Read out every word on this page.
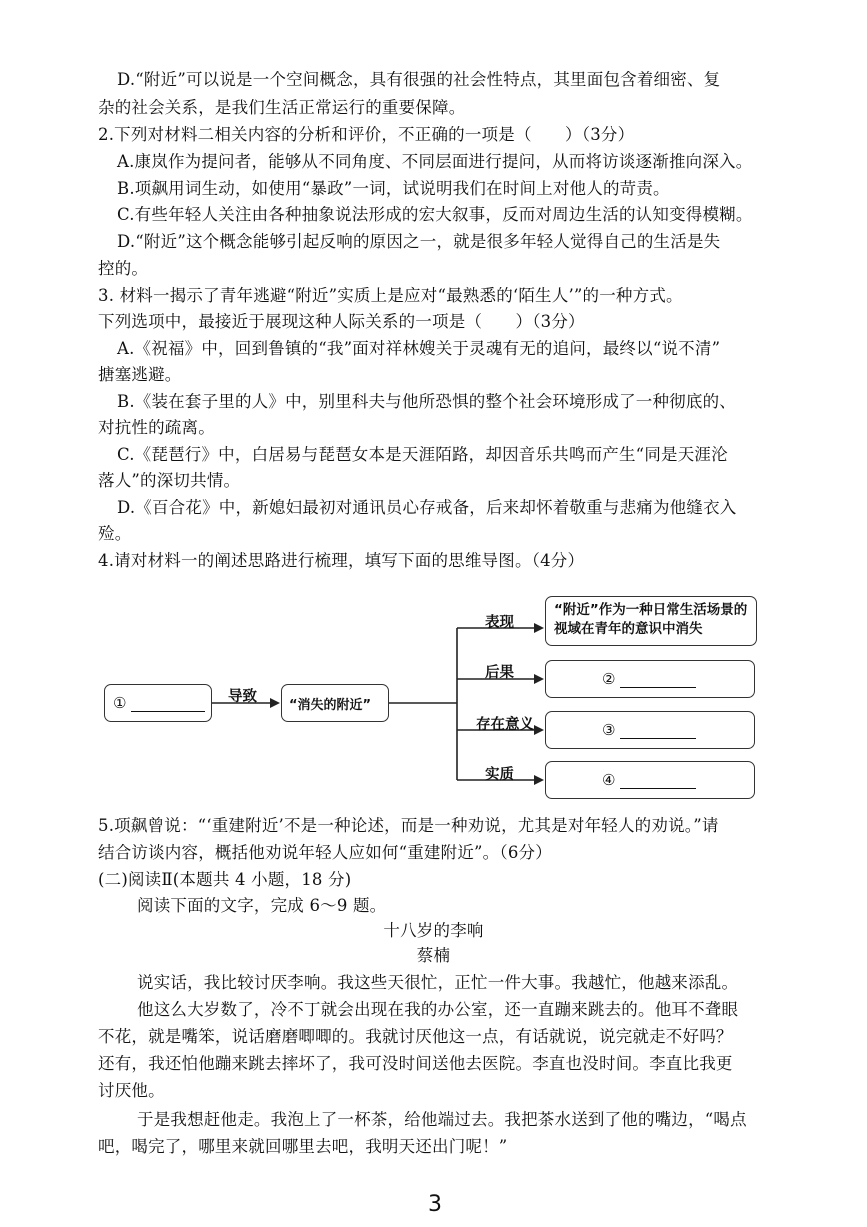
D.“附近”可以说是一个空间概念，具有很强的社会性特点，其里面包含着细密、复
杂的社会关系，是我们生活正常运行的重要保障。
2.下列对材料二相关内容的分析和评价，不正确的一项是（　　）（3分）
A.康岚作为提问者，能够从不同角度、不同层面进行提问，从而将访谈逐渐推向深入。
B.项飙用词生动，如使用“暴政”一词，试说明我们在时间上对他人的苛责。
C.有些年轻人关注由各种抽象说法形成的宏大叙事，反而对周边生活的认知变得模糊。
D.“附近”这个概念能够引起反响的原因之一，就是很多年轻人觉得自己的生活是失
控的。
3. 材料一揭示了青年逃避“附近”实质上是应对“最熟悉的‘陌生人’”的一种方式。
下列选项中，最接近于展现这种人际关系的一项是（　　）（3分）
A.《祝福》中，回到鲁镇的“我”面对祥林嫂关于灵魂有无的追问，最终以“说不清”
搪塞逃避。
B.《装在套子里的人》中，别里科夫与他所恐惧的整个社会环境形成了一种彻底的、
对抗性的疏离。
C.《琵琶行》中，白居易与琵琶女本是天涯陌路，却因音乐共鸣而产生“同是天涯沦
落人”的深切共情。
D.《百合花》中，新媳妇最初对通讯员心存戒备，后来却怀着敬重与悲痛为他缝衣入
殓。
4.请对材料一的阐述思路进行梳理，填写下面的思维导图。（4分）
①	导致
“消失的附近”
表现
后果
存在意义
实质
“附近”作为一种日常生活场景的视域在青年的意识中消失
②
③
④
5.项飙曾说：“‘重建附近’不是一种论述，而是一种劝说，尤其是对年轻人的劝说。”请
结合访谈内容，概括他劝说年轻人应如何“重建附近”。（6分）
(二)阅读Ⅱ(本题共 4 小题，18 分)
阅读下面的文字，完成 6～9 题。
十八岁的李响
蔡楠
说实话，我比较讨厌李响。我这些天很忙，正忙一件大事。我越忙，他越来添乱。
他这么大岁数了，冷不丁就会出现在我的办公室，还一直蹦来跳去的。他耳不聋眼
不花，就是嘴笨，说话磨磨唧唧的。我就讨厌他这一点，有话就说，说完就走不好吗？
还有，我还怕他蹦来跳去摔坏了，我可没时间送他去医院。李直也没时间。李直比我更
讨厌他。
于是我想赶他走。我泡上了一杯茶，给他端过去。我把茶水送到了他的嘴边，“喝点
吧，喝完了，哪里来就回哪里去吧，我明天还出门呢！”
3
